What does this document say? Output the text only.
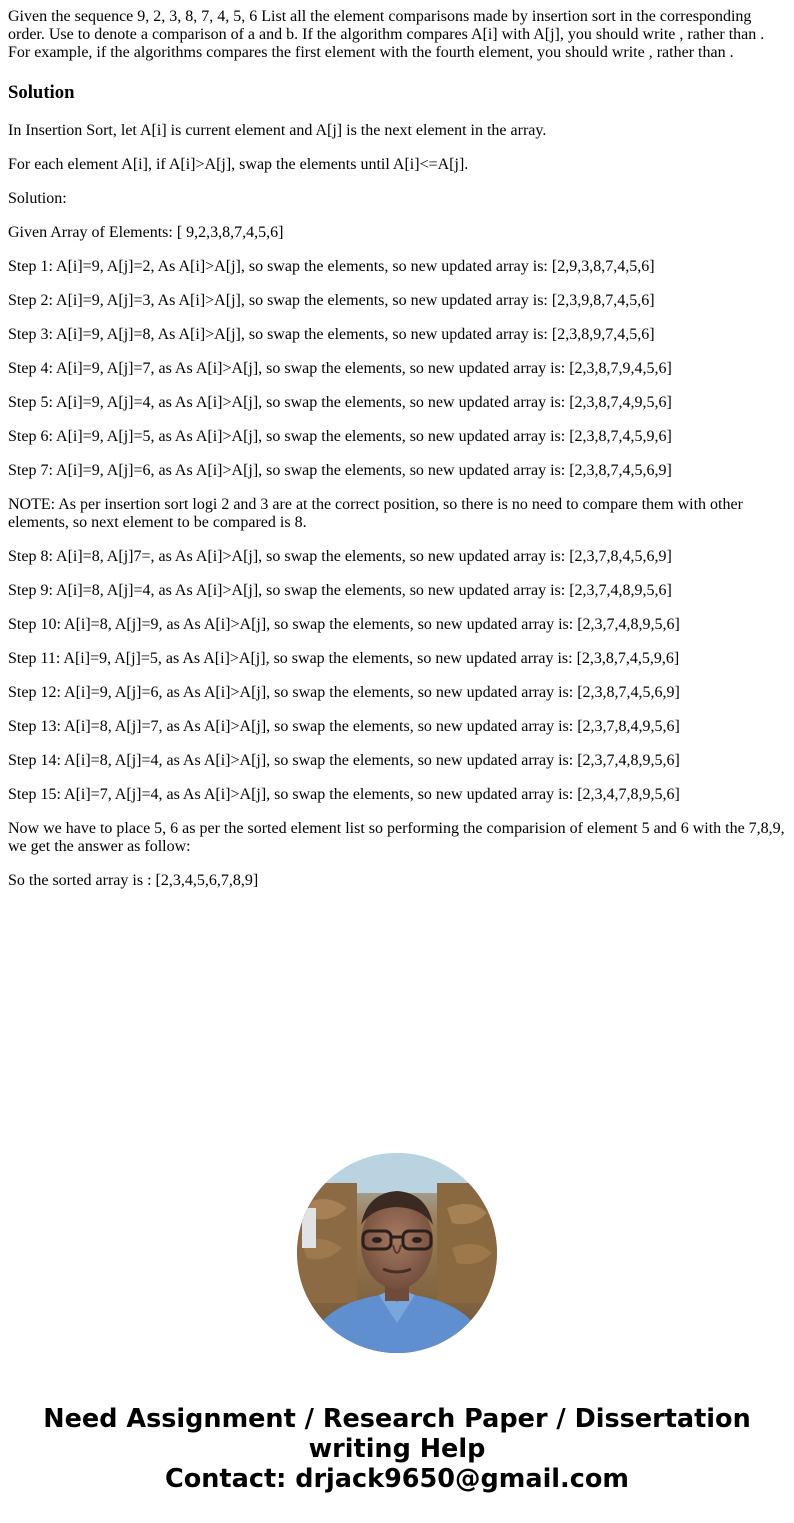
Given the sequence 9, 2, 3, 8, 7, 4, 5, 6 List all the element comparisons made by insertion sort in the corresponding order. Use to denote a comparison of a and b. If the algorithm compares A[i] with A[j], you should write , rather than . For example, if the algorithms compares the first element with the fourth element, you should write , rather than .

Solution

In Insertion Sort, let A[i] is current element and A[j] is the next element in the array.

For each element A[i], if A[i]>A[j], swap the elements until A[i]<=A[j].

Solution:

Given Array of Elements: [ 9,2,3,8,7,4,5,6]

Step 1: A[i]=9, A[j]=2, As A[i]>A[j], so swap the elements, so new updated array is: [2,9,3,8,7,4,5,6]

Step 2: A[i]=9, A[j]=3, As A[i]>A[j], so swap the elements, so new updated array is: [2,3,9,8,7,4,5,6]

Step 3: A[i]=9, A[j]=8, As A[i]>A[j], so swap the elements, so new updated array is: [2,3,8,9,7,4,5,6]

Step 4: A[i]=9, A[j]=7, as As A[i]>A[j], so swap the elements, so new updated array is: [2,3,8,7,9,4,5,6]

Step 5: A[i]=9, A[j]=4, as As A[i]>A[j], so swap the elements, so new updated array is: [2,3,8,7,4,9,5,6]

Step 6: A[i]=9, A[j]=5, as As A[i]>A[j], so swap the elements, so new updated array is: [2,3,8,7,4,5,9,6]

Step 7: A[i]=9, A[j]=6, as As A[i]>A[j], so swap the elements, so new updated array is: [2,3,8,7,4,5,6,9]

NOTE: As per insertion sort logi 2 and 3 are at the correct position, so there is no need to compare them with other elements, so next element to be compared is 8.

Step 8: A[i]=8, A[j]7=, as As A[i]>A[j], so swap the elements, so new updated array is: [2,3,7,8,4,5,6,9]

Step 9: A[i]=8, A[j]=4, as As A[i]>A[j], so swap the elements, so new updated array is: [2,3,7,4,8,9,5,6]

Step 10: A[i]=8, A[j]=9, as As A[i]>A[j], so swap the elements, so new updated array is: [2,3,7,4,8,9,5,6]

Step 11: A[i]=9, A[j]=5, as As A[i]>A[j], so swap the elements, so new updated array is: [2,3,8,7,4,5,9,6]

Step 12: A[i]=9, A[j]=6, as As A[i]>A[j], so swap the elements, so new updated array is: [2,3,8,7,4,5,6,9]

Step 13: A[i]=8, A[j]=7, as As A[i]>A[j], so swap the elements, so new updated array is: [2,3,7,8,4,9,5,6]

Step 14: A[i]=8, A[j]=4, as As A[i]>A[j], so swap the elements, so new updated array is: [2,3,7,4,8,9,5,6]

Step 15: A[i]=7, A[j]=4, as As A[i]>A[j], so swap the elements, so new updated array is: [2,3,4,7,8,9,5,6]

Now we have to place 5, 6 as per the sorted element list so performing the comparision of element 5 and 6 with the 7,8,9, we get the answer as follow:

So the sorted array is : [2,3,4,5,6,7,8,9]

Need Assignment / Research Paper / Dissertation
writing Help
Contact: drjack9650@gmail.com
